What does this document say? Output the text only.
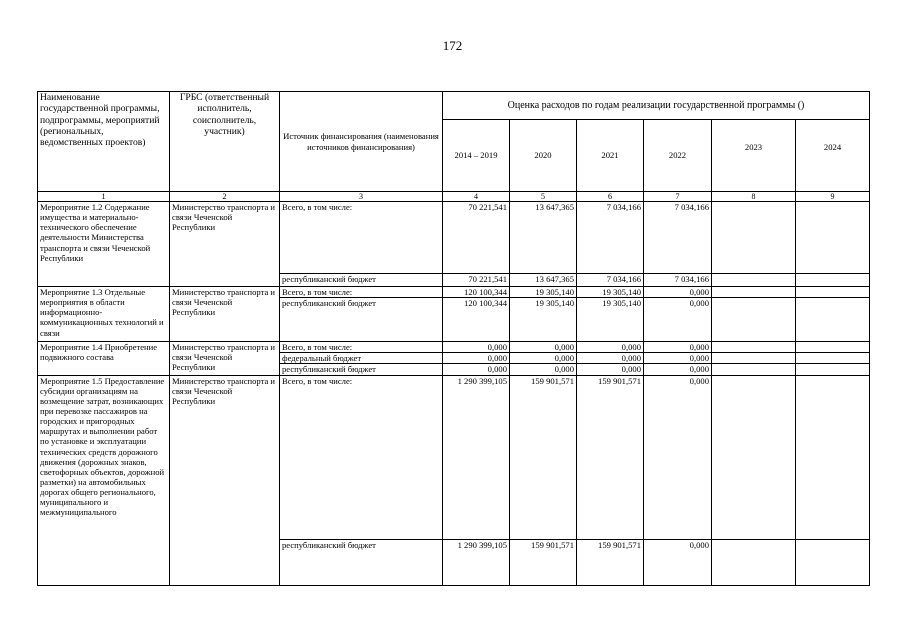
172
Наименование государственной программы, подпрограммы, мероприятий (региональных, ведомственных проектов)	ГРБС (ответственный исполнитель, соисполнитель, участник)	Источник финансирования (наименования источников финансирования)	Оценка расходов по годам реализации государственной программы ()					
			2014 – 2019	2020	2021	2022	2023	2024
1	2	3	4	5	6	7	8	9
Мероприятие 1.2 Содержание имущества и материально-технического обеспечение деятельности Министерства транспорта и связи Чеченской Республики	Министерство транспорта и связи Чеченской Республики	Всего, в том числе:	70 221,541	13 647,365	7 034,166	7 034,166		
		республиканский бюджет	70 221,541	13 647,365	7 034,166	7 034,166		
Мероприятие 1.3 Отдельные мероприятия в области информационно-коммуникационных технологий и связи	Министерство транспорта и связи Чеченской Республики	Всего, в том числе:	120 100,344	19 305,140	19 305,140	0,000		
		республиканский бюджет	120 100,344	19 305,140	19 305,140	0,000		
Мероприятие 1.4 Приобретение подвижного состава	Министерство транспорта и связи Чеченской Республики	Всего, в том числе:	0,000	0,000	0,000	0,000		
		федеральный бюджет	0,000	0,000	0,000	0,000		
		республиканский бюджет	0,000	0,000	0,000	0,000		
Мероприятие 1.5 Предоставление субсидии организациям на возмещение затрат, возникающих при перевозке пассажиров на городских и пригородных маршрутах и выполнении работ по установке и эксплуатации технических средств дорожного движения (дорожных знаков, светофорных объектов, дорожной разметки) на автомобильных дорогах общего регионального, муниципального и межмуниципального	Министерство транспорта и связи Чеченской Республики	Всего, в том числе:	1 290 399,105	159 901,571	159 901,571	0,000		
		республиканский бюджет	1 290 399,105	159 901,571	159 901,571	0,000		
